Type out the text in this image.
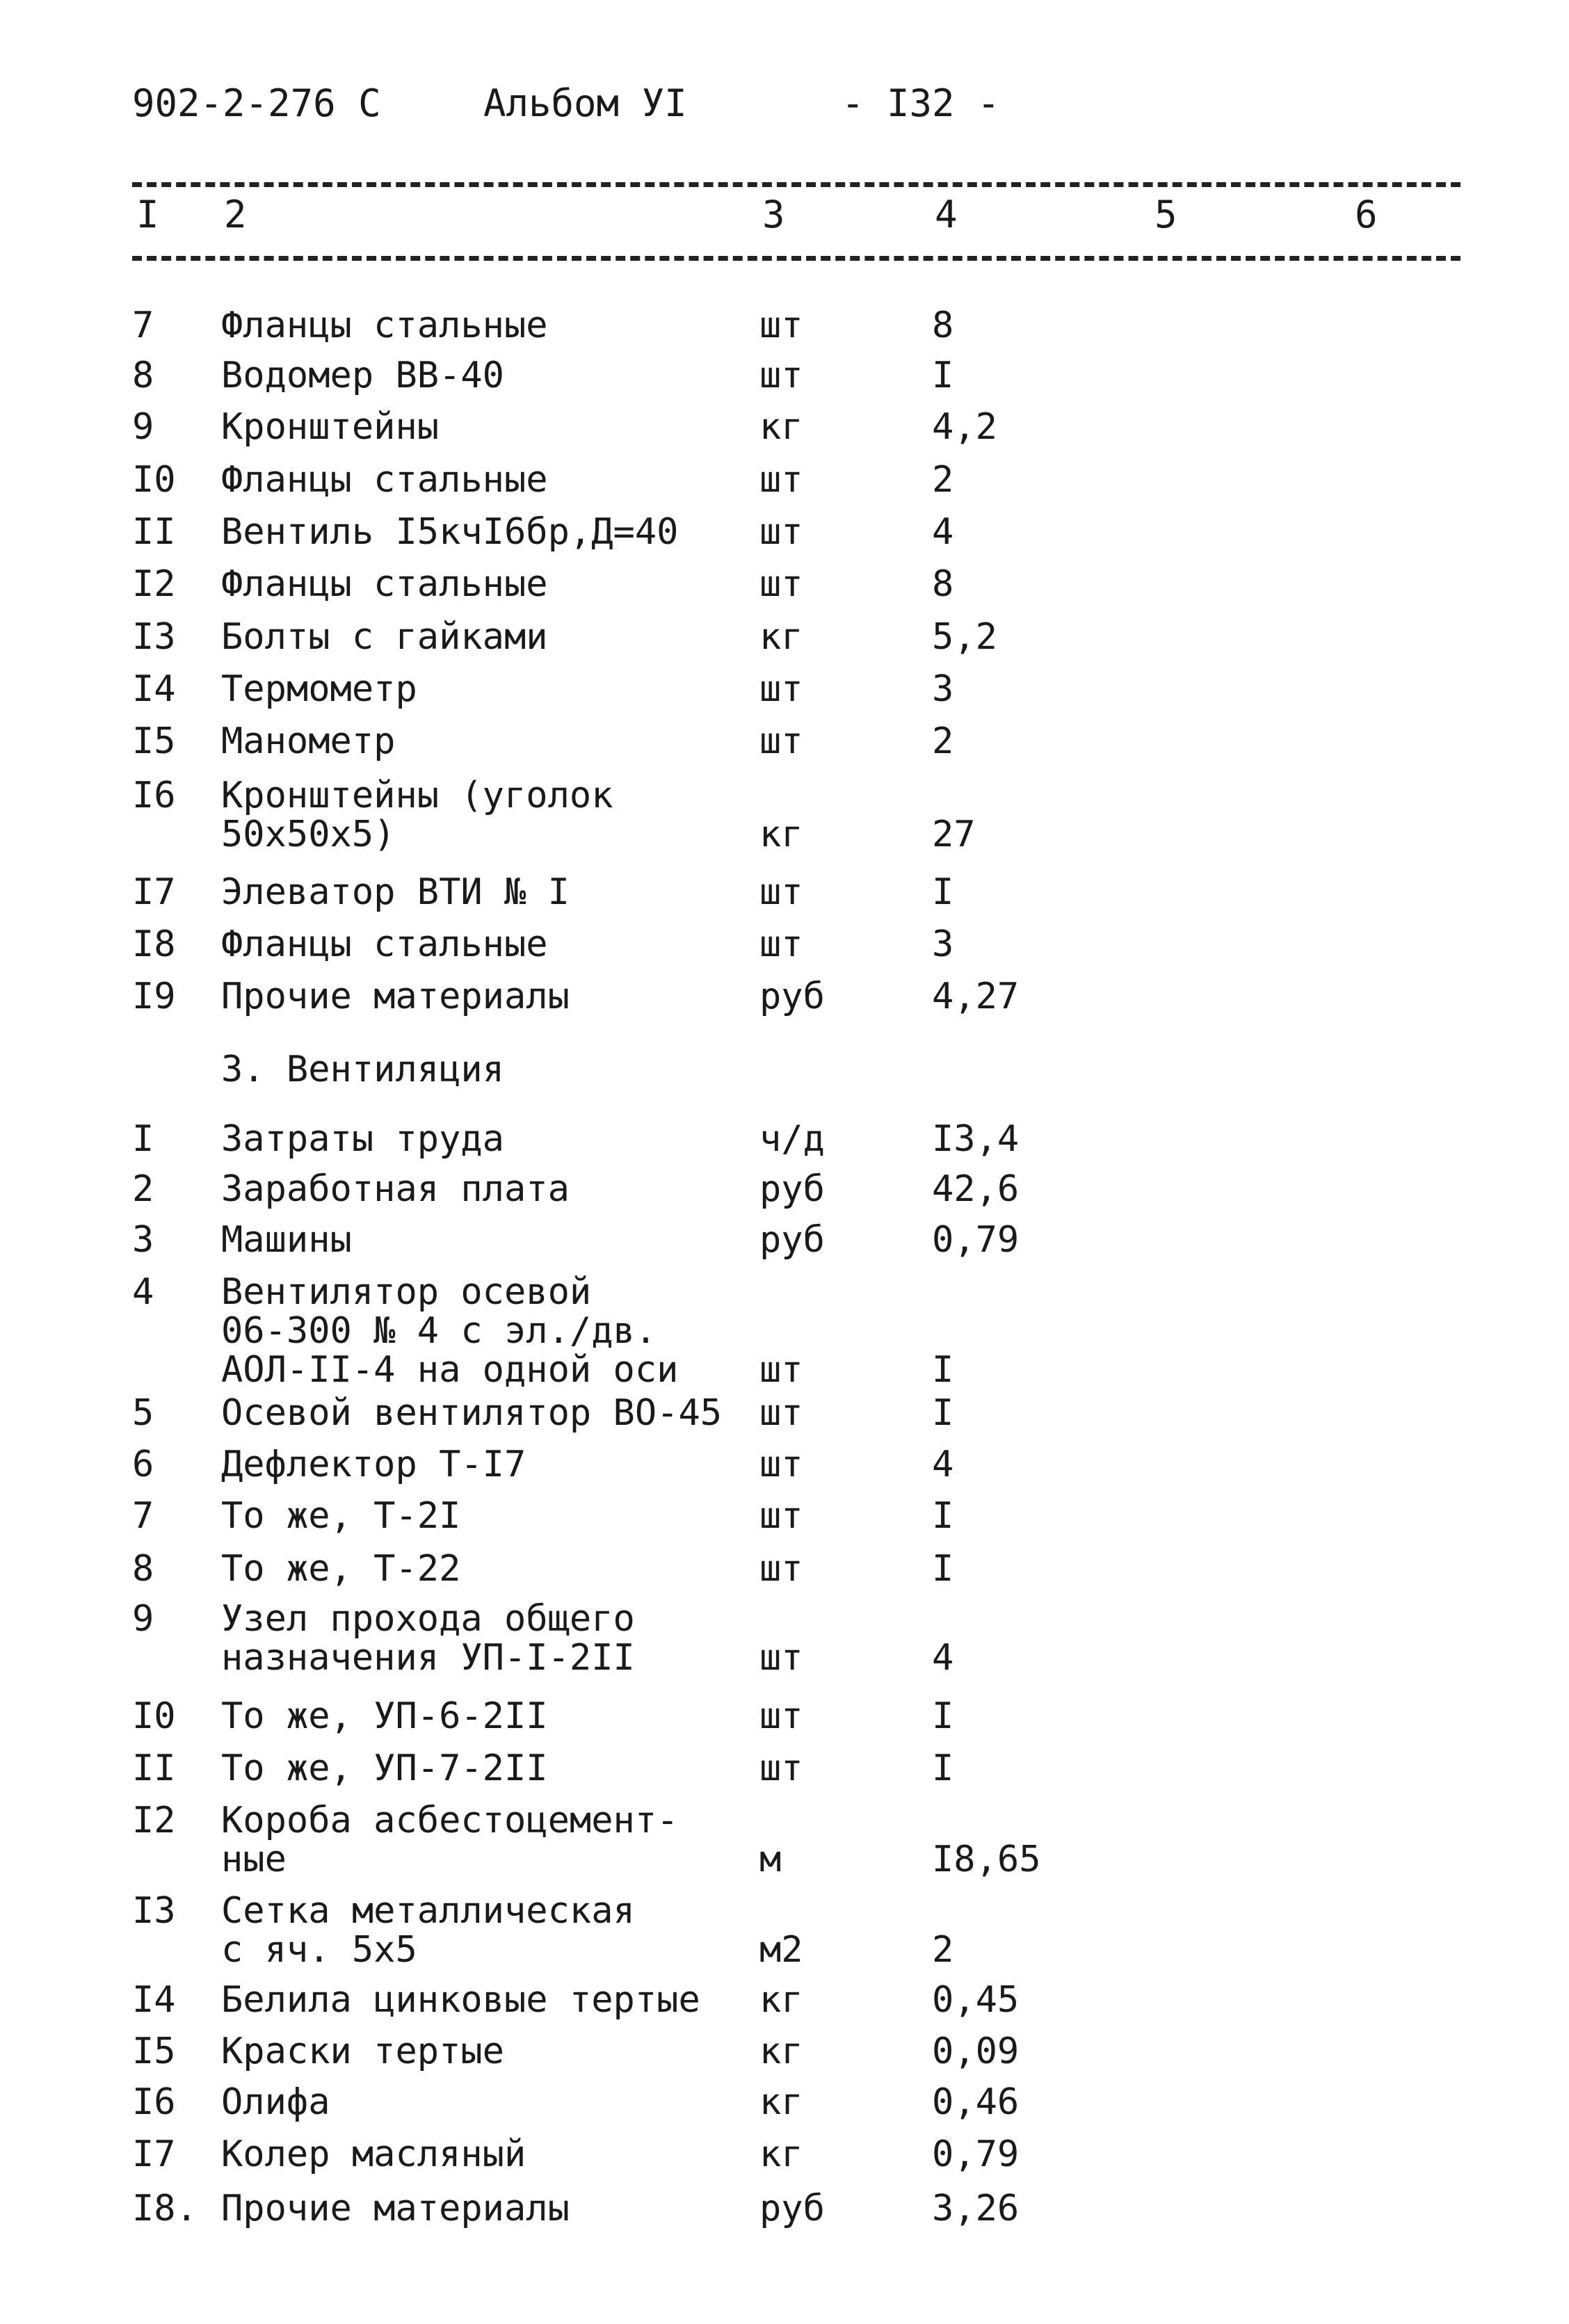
902-2-276 С	Альбом УІ	- І32 -
І 2	3	4	5	6
7	Фланцы стальные	шт	8
8	Водомер ВВ-40	шт	І
9	Кронштейны	кг	4,2
І0	Фланцы стальные	шт	2
ІІ	Вентиль І5кчІ6бр,Д=40	шт	4
І2	Фланцы стальные	шт	8
І3	Болты с гайками	кг	5,2
І4	Термометр	шт	3
І5	Манометр	шт	2
І6	Кронштейны (уголок
50x50x5)	кг	27
І7	Элеватор ВТИ № І	шт	І
І8	Фланцы стальные	шт	3
І9	Прочие материалы	руб	4,27
3. Вентиляция
І	Затраты труда	ч/д	І3,4
2	Заработная плата	руб	42,6
3	Машины	руб	0,79
4	Вентилятор осевой
06-300 № 4 с эл./дв.
АОЛ-ІІ-4 на одной оси	шт	І
5	Осевой вентилятор ВО-45	шт	І
6	Дефлектор Т-І7	шт	4
7	То же, Т-2І	шт	І
8	То же, Т-22	шт	І
9	Узел прохода общего
назначения УП-І-2ІІ	шт	4
І0	То же, УП-6-2ІІ	шт	І
ІІ	То же, УП-7-2ІІ	шт	І
І2	Короба асбестоцемент-
ные	м	І8,65
І3	Сетка металлическая
с яч. 5x5	м2	2
І4	Белила цинковые тертые	кг	0,45
І5	Краски тертые	кг	0,09
І6	Олифа	кг	0,46
І7	Колер масляный	кг	0,79
І8. Прочие материалы	руб	3,26
